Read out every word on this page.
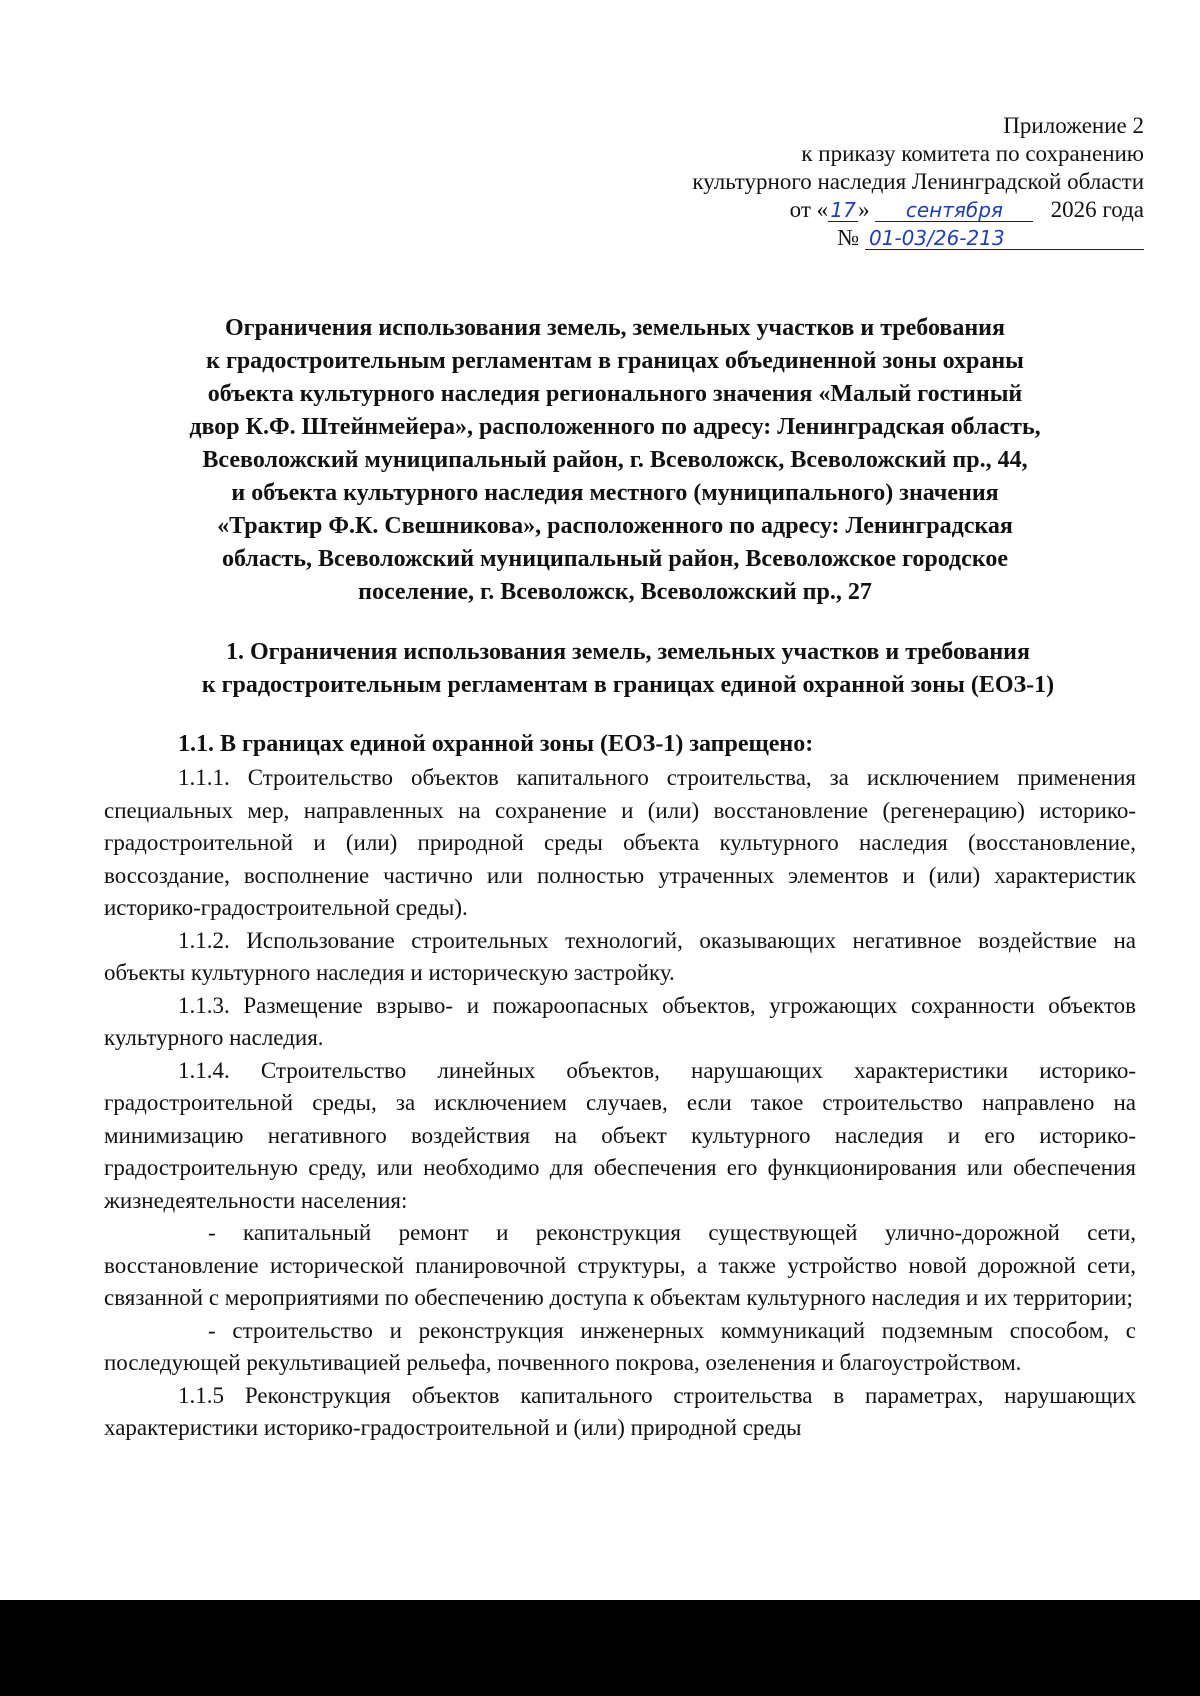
Приложение 2
к приказу комитета по сохранению
культурного наследия Ленинградской области
от « 17» сентября 2026 года
№ 01-03/26-213
Ограничения использования земель, земельных участков и требования
к градостроительным регламентам в границах объединенной зоны охраны
объекта культурного наследия регионального значения «Малый гостиный
двор К.Ф. Штейнмейера», расположенного по адресу: Ленинградская область,
Всеволожский муниципальный район, г. Всеволожск, Всеволожский пр., 44,
и объекта культурного наследия местного (муниципального) значения
«Трактир Ф.К. Свешникова», расположенного по адресу: Ленинградская
область, Всеволожский муниципальный район, Всеволожское городское
поселение, г. Всеволожск, Всеволожский пр., 27
1. Ограничения использования земель, земельных участков и требования
к градостроительным регламентам в границах единой охранной зоны (ЕОЗ-1)
1.1. В границах единой охранной зоны (ЕОЗ-1) запрещено:

1.1.1. Строительство объектов капитального строительства, за исключением применения специальных мер, направленных на сохранение и (или) восстановление (регенерацию) историко-градостроительной и (или) природной среды объекта культурного наследия (восстановление, воссоздание, восполнение частично или полностью утраченных элементов и (или) характеристик историко-градостроительной среды).

1.1.2. Использование строительных технологий, оказывающих негативное воздействие на объекты культурного наследия и историческую застройку.

1.1.3. Размещение взрыво- и пожароопасных объектов, угрожающих сохранности объектов культурного наследия.

1.1.4. Строительство линейных объектов, нарушающих характеристики историко-градостроительной среды, за исключением случаев, если такое строительство направлено на минимизацию негативного воздействия на объект культурного наследия и его историко-градостроительную среду, или необходимо для обеспечения его функционирования или обеспечения жизнедеятельности населения:

- капитальный ремонт и реконструкция существующей улично-дорожной сети, восстановление исторической планировочной структуры, а также устройство новой дорожной сети, связанной с мероприятиями по обеспечению доступа к объектам культурного наследия и их территории;

- строительство и реконструкция инженерных коммуникаций подземным способом, с последующей рекультивацией рельефа, почвенного покрова, озеленения и благоустройством.

1.1.5 Реконструкция объектов капитального строительства в параметрах, нарушающих характеристики историко-градостроительной и (или) природной среды
